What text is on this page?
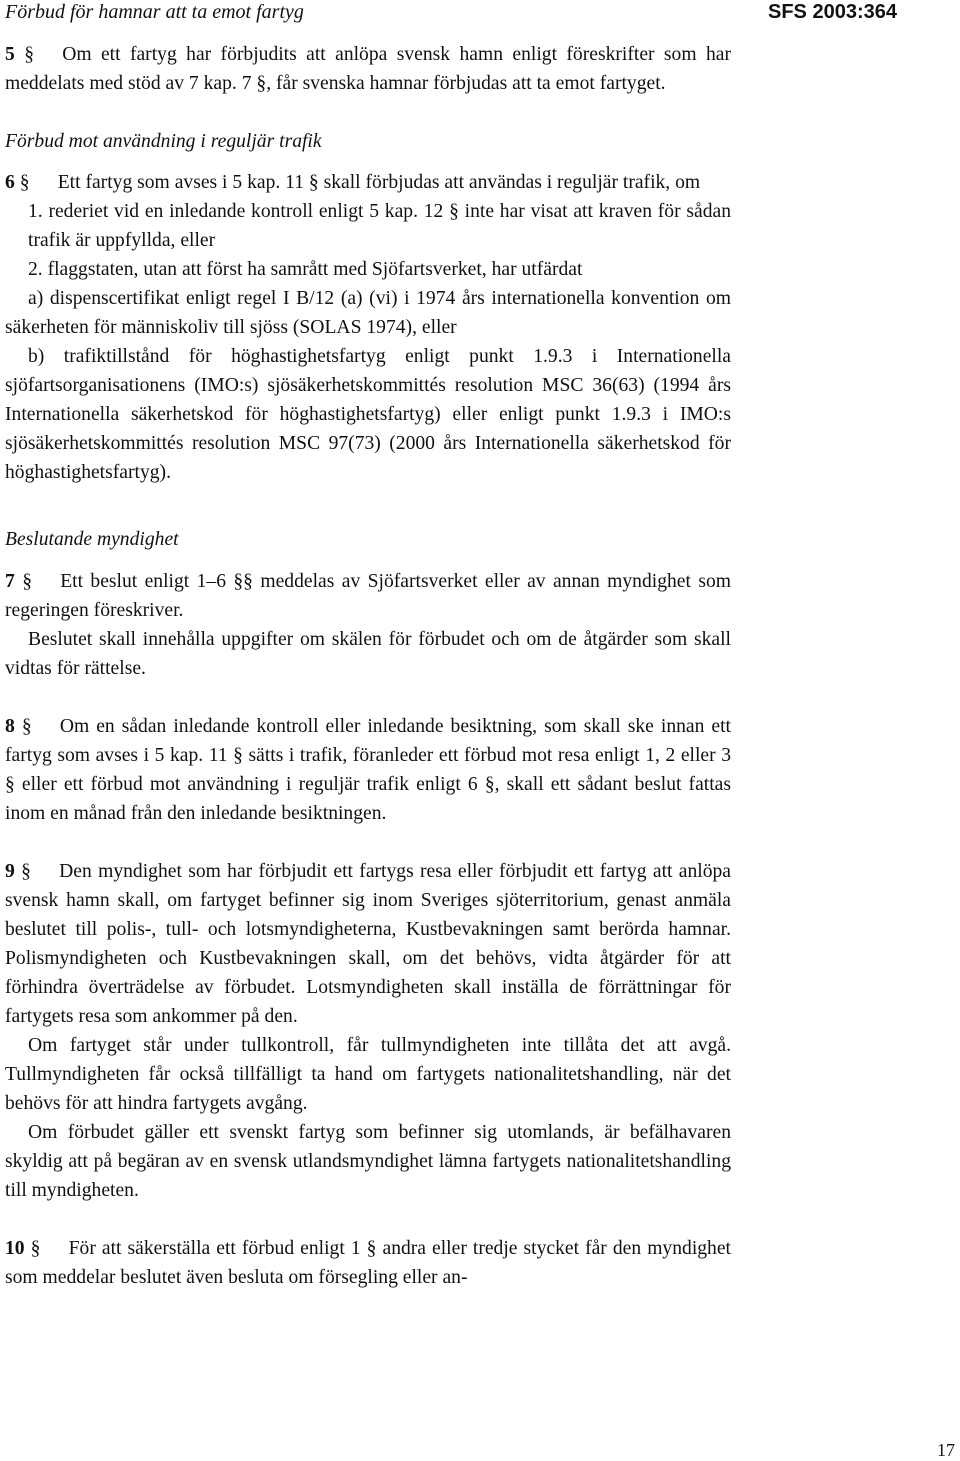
Förbud för hamnar att ta emot fartyg	SFS 2003:364

5 § Om ett fartyg har förbjudits att anlöpa svensk hamn enligt föreskrifter som har meddelats med stöd av 7 kap. 7 §, får svenska hamnar förbjudas att ta emot fartyget.

Förbud mot användning i reguljär trafik

6 § Ett fartyg som avses i 5 kap. 11 § skall förbjudas att användas i reguljär trafik, om

1. rederiet vid en inledande kontroll enligt 5 kap. 12 § inte har visat att kraven för sådan trafik är uppfyllda, eller

2. flaggstaten, utan att först ha samrått med Sjöfartsverket, har utfärdat

a) dispenscertifikat enligt regel I B/12 (a) (vi) i 1974 års internationella konvention om säkerheten för människoliv till sjöss (SOLAS 1974), eller

b) trafiktillstånd för höghastighetsfartyg enligt punkt 1.9.3 i Internationella sjöfartsorganisationens (IMO:s) sjösäkerhetskommittés resolution MSC 36(63) (1994 års Internationella säkerhetskod för höghastighetsfartyg) eller enligt punkt 1.9.3 i IMO:s sjösäkerhetskommittés resolution MSC 97(73) (2000 års Internationella säkerhetskod för höghastighetsfartyg).

Beslutande myndighet

7 § Ett beslut enligt 1–6 §§ meddelas av Sjöfartsverket eller av annan myndighet som regeringen föreskriver.

Beslutet skall innehålla uppgifter om skälen för förbudet och om de åtgärder som skall vidtas för rättelse.

8 § Om en sådan inledande kontroll eller inledande besiktning, som skall ske innan ett fartyg som avses i 5 kap. 11 § sätts i trafik, föranleder ett förbud mot resa enligt 1, 2 eller 3 § eller ett förbud mot användning i reguljär trafik enligt 6 §, skall ett sådant beslut fattas inom en månad från den inledande besiktningen.

9 § Den myndighet som har förbjudit ett fartygs resa eller förbjudit ett fartyg att anlöpa svensk hamn skall, om fartyget befinner sig inom Sveriges sjöterritorium, genast anmäla beslutet till polis-, tull- och lotsmyndigheterna, Kustbevakningen samt berörda hamnar. Polismyndigheten och Kustbevakningen skall, om det behövs, vidta åtgärder för att förhindra överträdelse av förbudet. Lotsmyndigheten skall inställa de förrättningar för fartygets resa som ankommer på den.

Om fartyget står under tullkontroll, får tullmyndigheten inte tillåta det att avgå. Tullmyndigheten får också tillfälligt ta hand om fartygets nationalitetshandling, när det behövs för att hindra fartygets avgång.

Om förbudet gäller ett svenskt fartyg som befinner sig utomlands, är befälhavaren skyldig att på begäran av en svensk utlandsmyndighet lämna fartygets nationalitetshandling till myndigheten.

10 § För att säkerställa ett förbud enligt 1 § andra eller tredje stycket får den myndighet som meddelar beslutet även besluta om försegling eller an-

17
